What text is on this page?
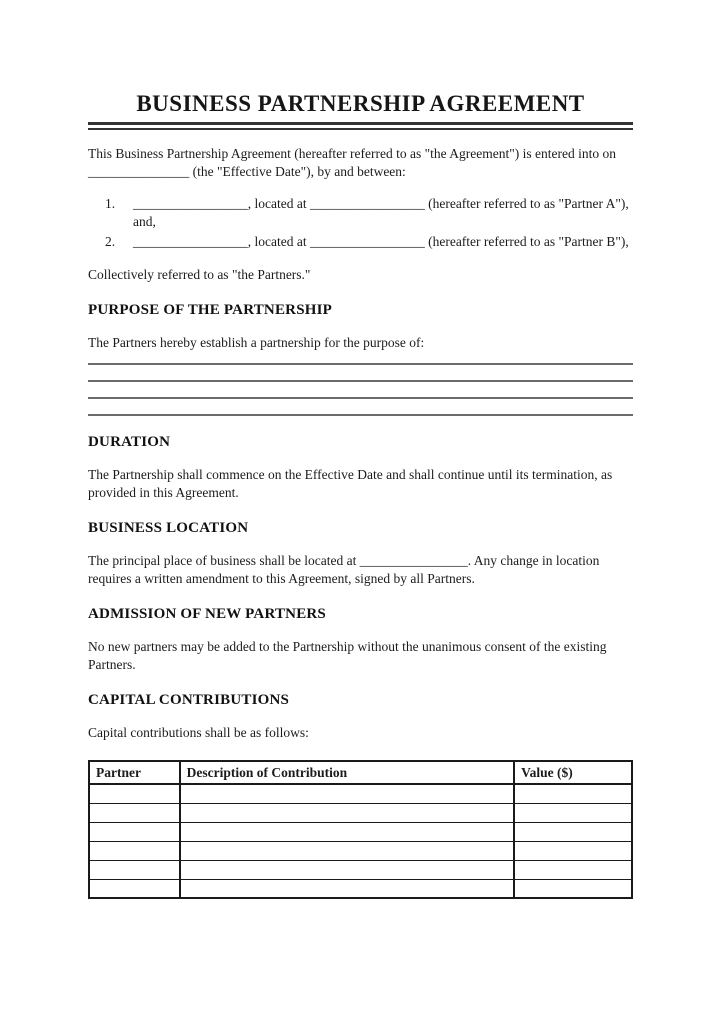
BUSINESS PARTNERSHIP AGREEMENT

This Business Partnership Agreement (hereafter referred to as "the Agreement") is entered into on _______________ (the "Effective Date"), by and between:

1.	_________________, located at _________________ (hereafter referred to as "Partner A"), and,
2.	_________________, located at _________________ (hereafter referred to as "Partner B"),

Collectively referred to as "the Partners."

PURPOSE OF THE PARTNERSHIP

The Partners hereby establish a partnership for the purpose of:

DURATION

The Partnership shall commence on the Effective Date and shall continue until its termination, as provided in this Agreement.

BUSINESS LOCATION

The principal place of business shall be located at ________________. Any change in location requires a written amendment to this Agreement, signed by all Partners.

ADMISSION OF NEW PARTNERS

No new partners may be added to the Partnership without the unanimous consent of the existing Partners.

CAPITAL CONTRIBUTIONS

Capital contributions shall be as follows:

Partner	Description of Contribution	Value ($)
